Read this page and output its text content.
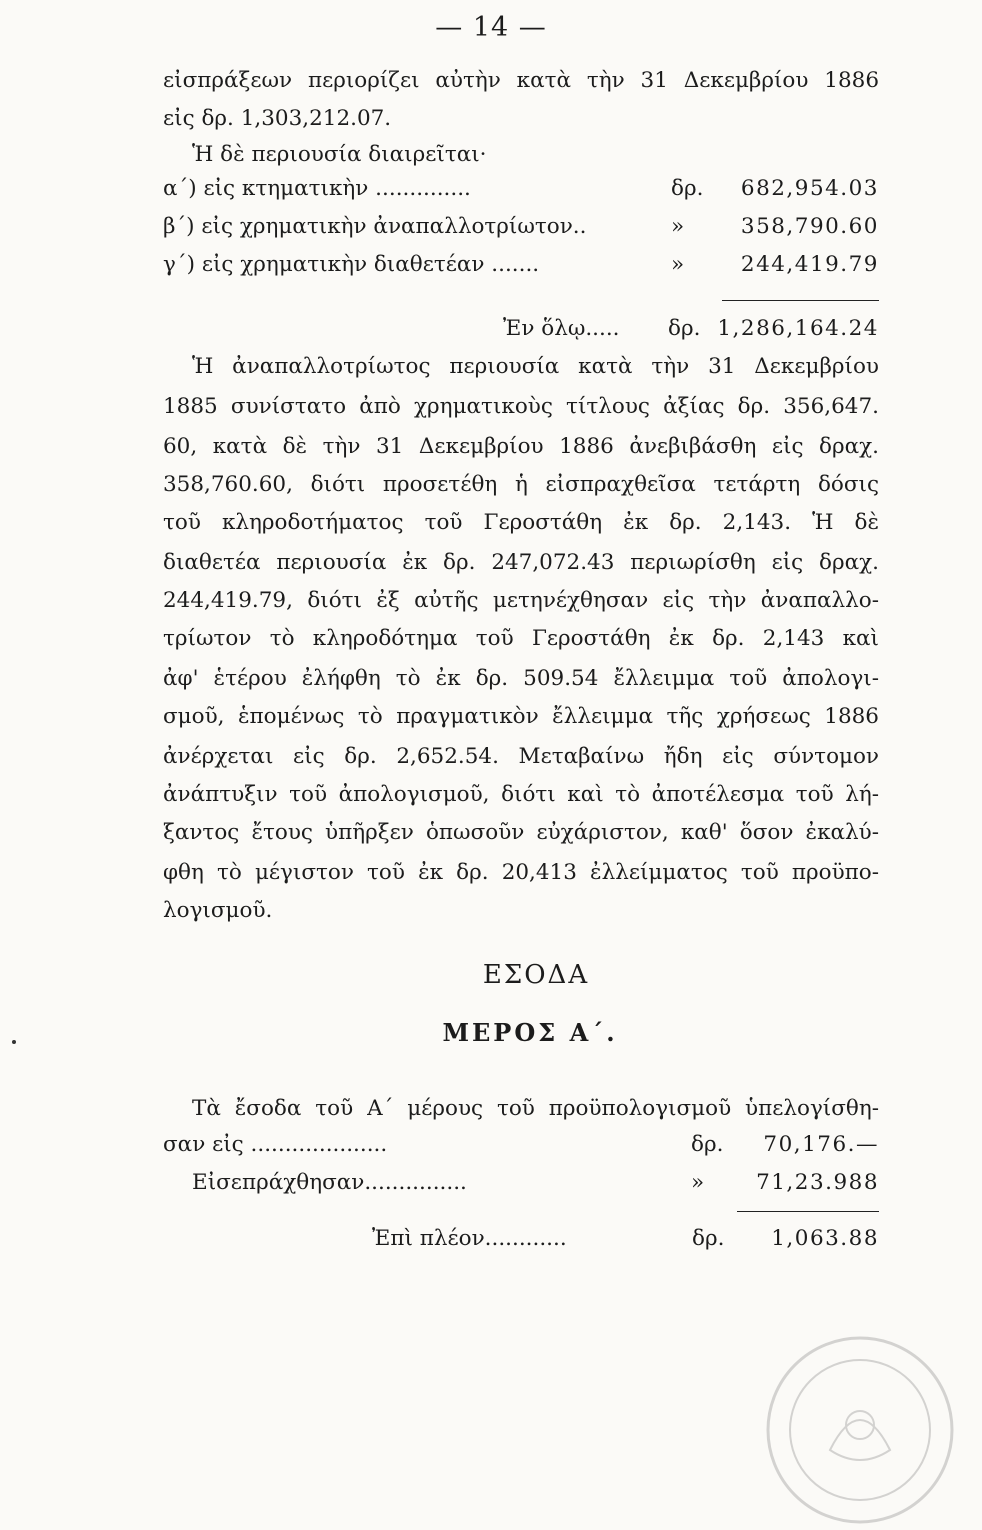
— 14 —
εἰσπράξεων περιορίζει αὐτὴν κατὰ τὴν 31 Δεκεμβρίου 1886
εἰς δρ. 1,303,212.07.
Ἡ δὲ περιουσία διαιρεῖται·
α΄) εἰς κτηματικὴν ..............	δρ. 682,954.03
β΄) εἰς χρηματικὴν ἀναπαλλοτρίωτον..	»	358,790.60
γ΄) εἰς χρηματικὴν διαθετέαν .......	»	244,419.79
Ἐν ὅλῳ..... δρ. 1,286,164.24
Ἡ ἀναπαλλοτρίωτος περιουσία κατὰ τὴν 31 Δεκεμβρίου
1885 συνίστατο ἀπὸ χρηματικοὺς τίτλους ἀξίας δρ. 356,647.
60, κατὰ δὲ τὴν 31 Δεκεμβρίου 1886 ἀνεβιβάσθη εἰς δραχ.
358,760.60, διότι προσετέθη ἡ εἰσπραχθεῖσα τετάρτη δόσις
τοῦ κληροδοτήματος τοῦ Γεροστάθη ἐκ δρ. 2,143. Ἡ δὲ
διαθετέα περιουσία ἐκ δρ. 247,072.43 περιωρίσθη εἰς δραχ.
244,419.79, διότι ἐξ αὐτῆς μετηνέχθησαν εἰς τὴν ἀναπαλλο-
τρίωτον τὸ κληροδότημα τοῦ Γεροστάθη ἐκ δρ. 2,143 καὶ
ἀφ' ἑτέρου ἐλήφθη τὸ ἐκ δρ. 509.54 ἔλλειμμα τοῦ ἀπολογι-
σμοῦ, ἑπομένως τὸ πραγματικὸν ἔλλειμμα τῆς χρήσεως 1886
ἀνέρχεται εἰς δρ. 2,652.54. Μεταβαίνω ἤδη εἰς σύντομον
ἀνάπτυξιν τοῦ ἀπολογισμοῦ, διότι καὶ τὸ ἀποτέλεσμα τοῦ λή-
ξαντος ἔτους ὑπῆρξεν ὁπωσοῦν εὐχάριστον, καθ' ὅσον ἐκαλύ-
φθη τὸ μέγιστον τοῦ ἐκ δρ. 20,413 ἐλλείμματος τοῦ προϋπο-
λογισμοῦ.
ΕΣΟΔΑ
ΜΕΡΟΣ Α΄.
Τὰ ἔσοδα τοῦ Α΄ μέρους τοῦ προϋπολογισμοῦ ὑπελογίσθη-
σαν εἰς ....................	δρ. 70,176.—
Εἰσεπράχθησαν...............	» 71,23.988
Ἐπὶ πλέον............	δρ. 1,063.88
